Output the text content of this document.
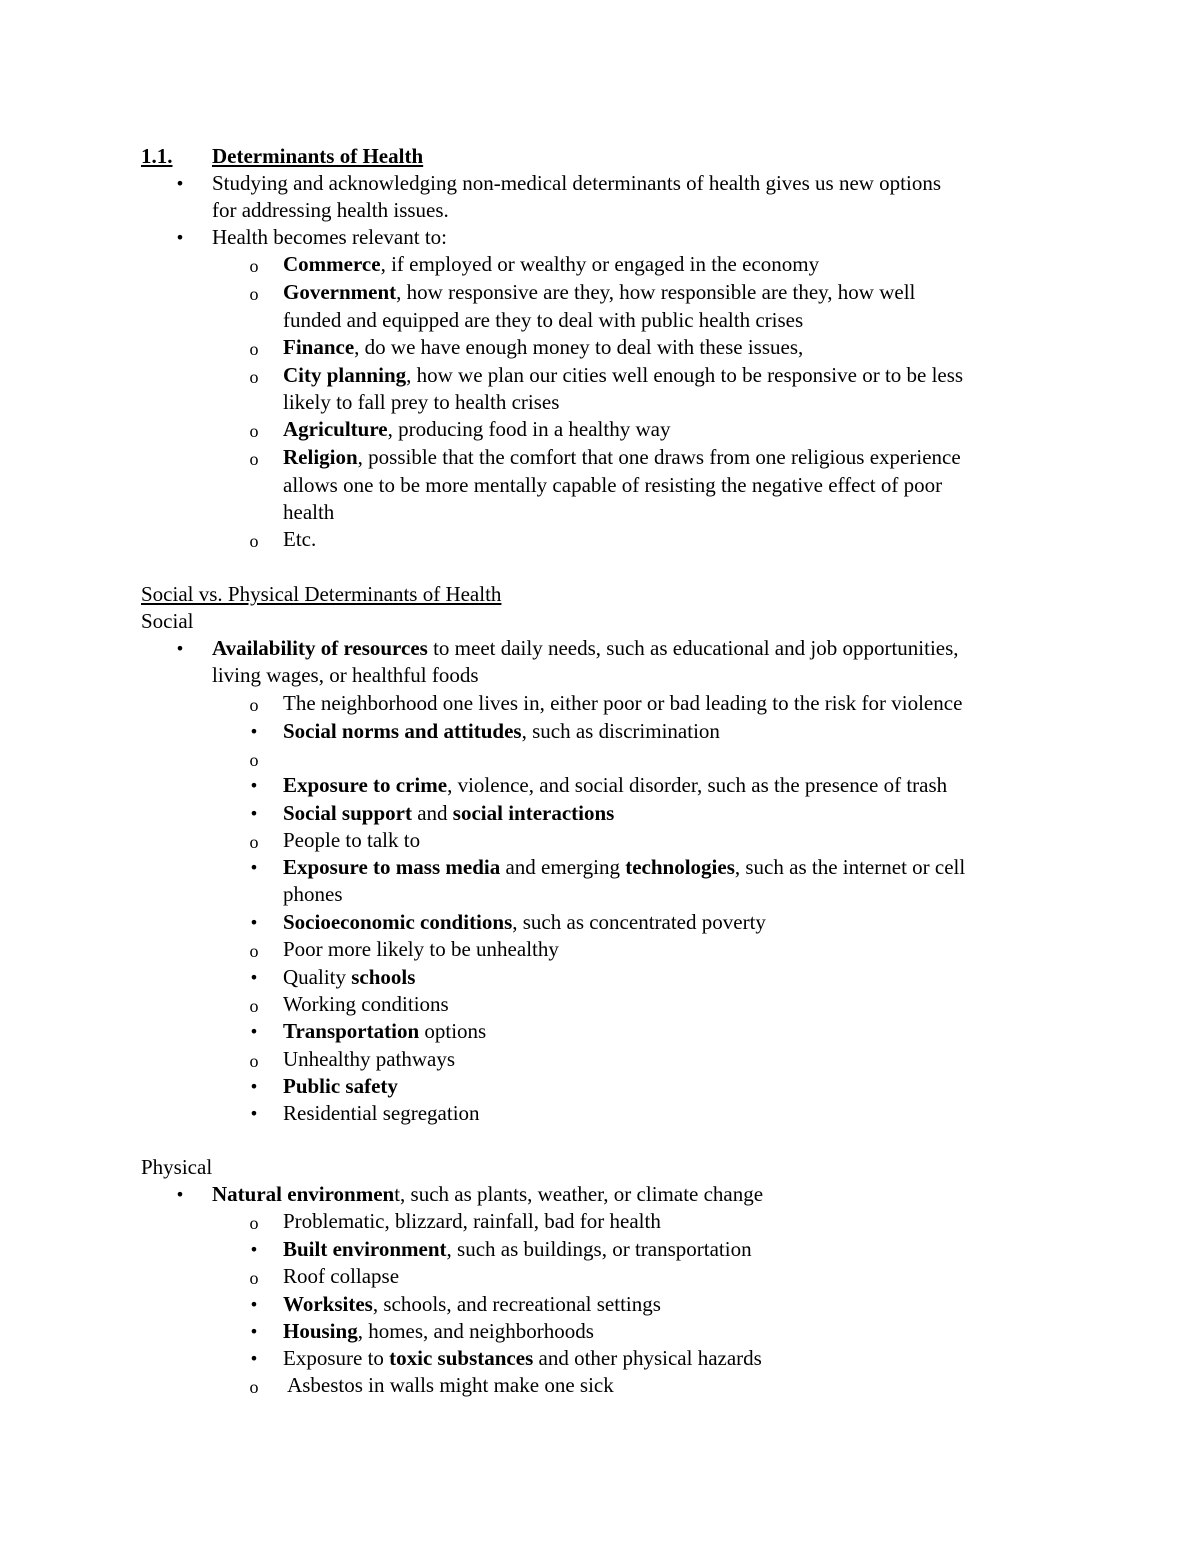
1.1. Determinants of Health
•	Studying and acknowledging non-medical determinants of health gives us new options
for addressing health issues.
•	Health becomes relevant to:
o	Commerce, if employed or wealthy or engaged in the economy
o	Government, how responsive are they, how responsible are they, how well
funded and equipped are they to deal with public health crises
o	Finance, do we have enough money to deal with these issues,
o	City planning, how we plan our cities well enough to be responsive or to be less
likely to fall prey to health crises
o	Agriculture, producing food in a healthy way
o	Religion, possible that the comfort that one draws from one religious experience
allows one to be more mentally capable of resisting the negative effect of poor
health
o	Etc.
Social vs. Physical Determinants of Health
Social
•	Availability of resources to meet daily needs, such as educational and job opportunities,
living wages, or healthful foods
o	The neighborhood one lives in, either poor or bad leading to the risk for violence
•	Social norms and attitudes, such as discrimination
o
•	Exposure to crime, violence, and social disorder, such as the presence of trash
•	Social support and social interactions
o	People to talk to
•	Exposure to mass media and emerging technologies, such as the internet or cell
phones
•	Socioeconomic conditions, such as concentrated poverty
o	Poor more likely to be unhealthy
•	Quality schools
o	Working conditions
•	Transportation options
o	Unhealthy pathways
•	Public safety
•	Residential segregation
Physical
•	Natural environment, such as plants, weather, or climate change
o	Problematic, blizzard, rainfall, bad for health
•	Built environment, such as buildings, or transportation
o	Roof collapse
•	Worksites, schools, and recreational settings
•	Housing, homes, and neighborhoods
•	Exposure to toxic substances and other physical hazards
o	Asbestos in walls might make one sick
